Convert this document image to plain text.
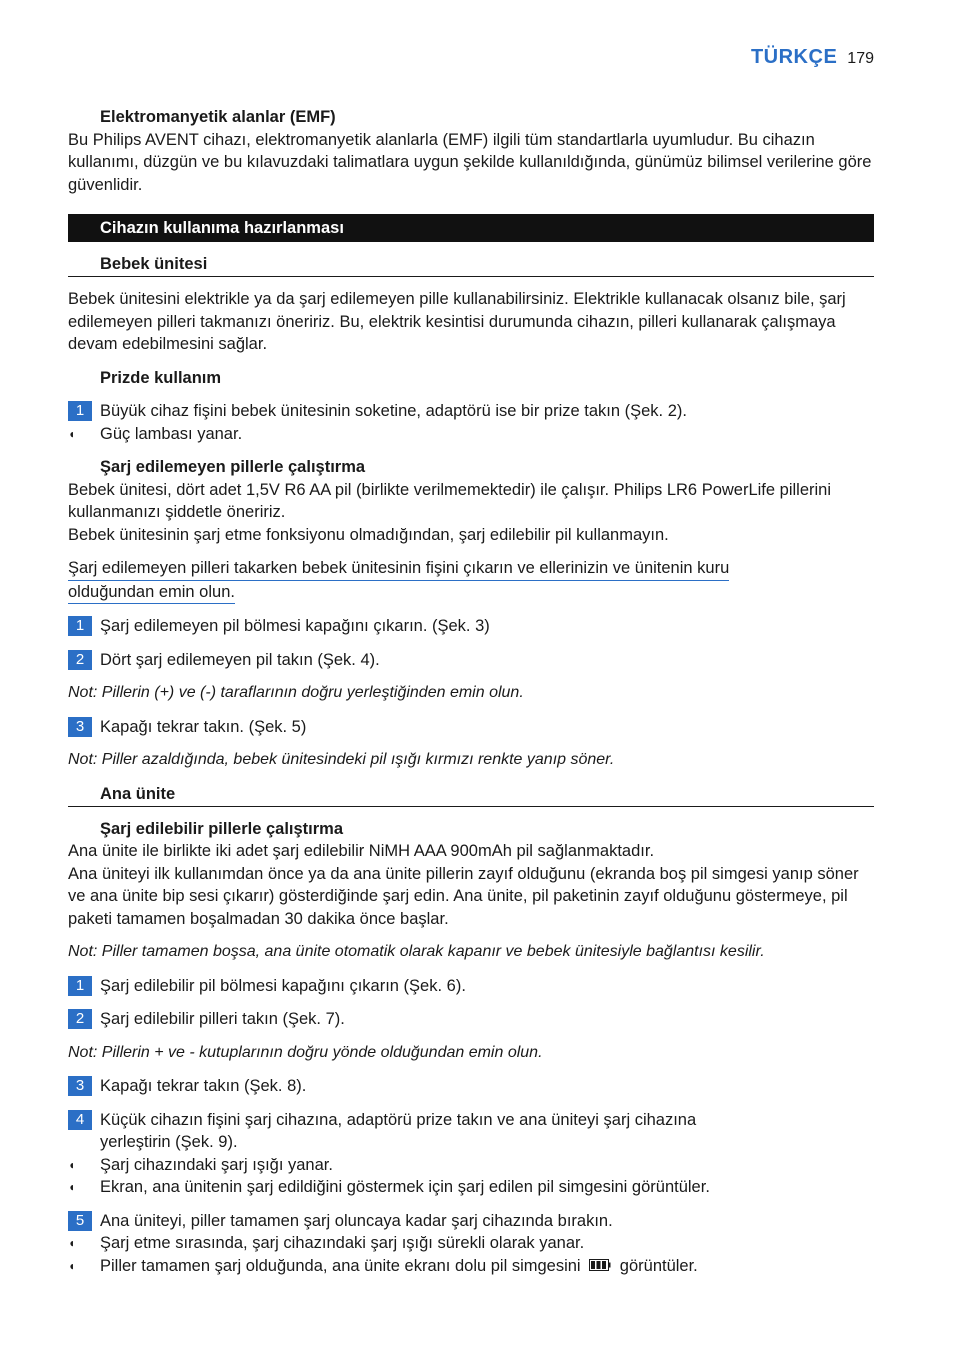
TÜRKÇE 179
Elektromanyetik alanlar (EMF)

Bu Philips AVENT cihazı, elektromanyetik alanlarla (EMF) ilgili tüm standartlarla uyumludur. Bu cihazın kullanımı, düzgün ve bu kılavuzdaki talimatlara uygun şekilde kullanıldığında, günümüz bilimsel verilerine göre güvenlidir.

Cihazın kullanıma hazırlanması
Bebek ünitesi

Bebek ünitesini elektrikle ya da şarj edilemeyen pille kullanabilirsiniz. Elektrikle kullanacak olsanız bile, şarj edilemeyen pilleri takmanızı öneririz. Bu, elektrik kesintisi durumunda cihazın, pilleri kullanarak çalışmaya devam edebilmesini sağlar.

Prizde kullanım
1 Büyük cihaz fişini bebek ünitesinin soketine, adaptörü ise bir prize takın (Şek. 2).
◖ Güç lambası yanar.
Şarj edilemeyen pillerle çalıştırma

Bebek ünitesi, dört adet 1,5V R6 AA pil (birlikte verilmemektedir) ile çalışır. Philips LR6 PowerLife pillerini kullanmanızı şiddetle öneririz.

Bebek ünitesinin şarj etme fonksiyonu olmadığından, şarj edilebilir pil kullanmayın.

Şarj edilemeyen pilleri takarken bebek ünitesinin fişini çıkarın ve ellerinizin ve ünitenin kuru
olduğundan emin olun.
1 Şarj edilemeyen pil bölmesi kapağını çıkarın. (Şek. 3)
2 Dört şarj edilemeyen pil takın (Şek. 4).

Not: Pillerin (+) ve (-) taraflarının doğru yerleştiğinden emin olun.

3 Kapağı tekrar takın. (Şek. 5)

Not: Piller azaldığında, bebek ünitesindeki pil ışığı kırmızı renkte yanıp söner.

Ana ünite
Şarj edilebilir pillerle çalıştırma

Ana ünite ile birlikte iki adet şarj edilebilir NiMH AAA 900mAh pil sağlanmaktadır.

Ana üniteyi ilk kullanımdan önce ya da ana ünite pillerin zayıf olduğunu (ekranda boş pil simgesi yanıp söner ve ana ünite bip sesi çıkarır) gösterdiğinde şarj edin. Ana ünite, pil paketinin zayıf olduğunu göstermeye, pil paketi tamamen boşalmadan 30 dakika önce başlar.

Not: Piller tamamen boşsa, ana ünite otomatik olarak kapanır ve bebek ünitesiyle bağlantısı kesilir.

1 Şarj edilebilir pil bölmesi kapağını çıkarın (Şek. 6).
2 Şarj edilebilir pilleri takın (Şek. 7).

Not: Pillerin + ve - kutuplarının doğru yönde olduğundan emin olun.

3 Kapağı tekrar takın (Şek. 8).
4 Küçük cihazın fişini şarj cihazına, adaptörü prize takın ve ana üniteyi şarj cihazına
yerleştirin (Şek. 9).
◖ Şarj cihazındaki şarj ışığı yanar.
◖ Ekran, ana ünitenin şarj edildiğini göstermek için şarj edilen pil simgesini görüntüler.
5 Ana üniteyi, piller tamamen şarj oluncaya kadar şarj cihazında bırakın.
◖ Şarj etme sırasında, şarj cihazındaki şarj ışığı sürekli olarak yanar.
◖ Piller tamamen şarj olduğunda, ana ünite ekranı dolu pil simgesini görüntüler.
